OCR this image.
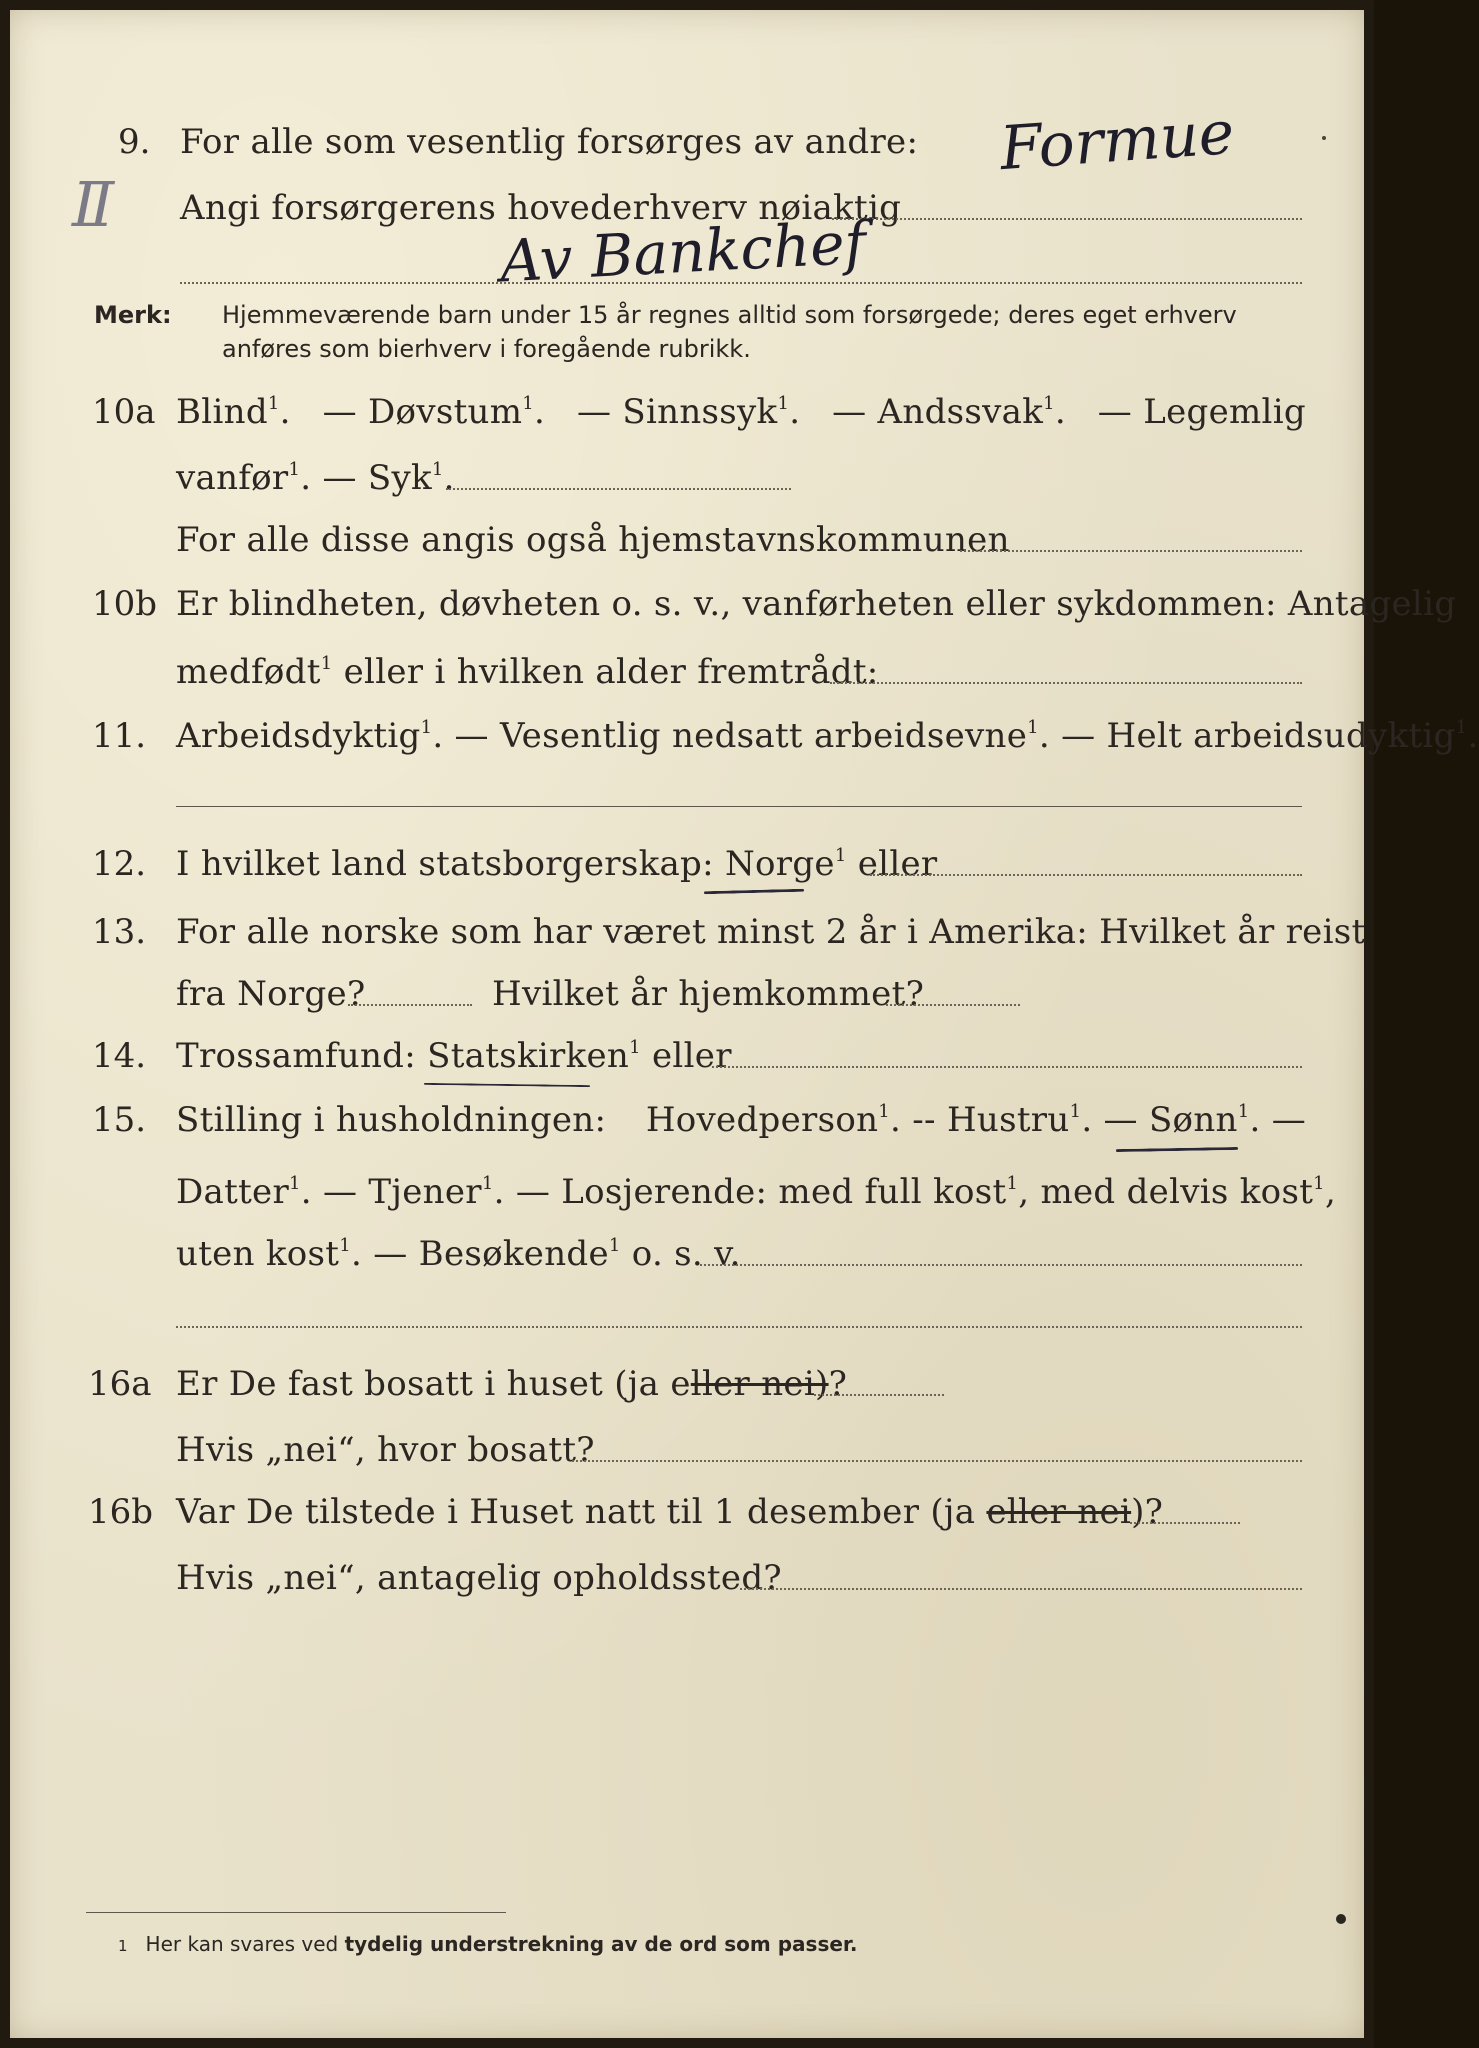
9. For alle som vesentlig forsørges av andre:
Angi forsørgerens hovederhverv nøiaktig
Formue
Av Bankchef
Ⅱ
Merk: Hjemmeværende barn under 15 år regnes alltid som forsørgede; deres eget erhverv
anføres som bierhverv i foregående rubrikk.
10a Blind$^1$. — Døvstum$^1$. — Sinnssyk$^1$. — Andssvak$^1$. — Legemlig
vanfør$^1$. — Syk$^1$.
For alle disse angis også hjemstavnskommunen
10b Er blindheten, døvheten o. s. v., vanførheten eller sykdommen: Antagelig
medfødt$^1$ eller i hvilken alder fremtrådt:
11. Arbeidsdyktig$^1$. — Vesentlig nedsatt arbeidsevne$^1$. — Helt arbeidsudyktig$^1$.
12. I hvilket land statsborgerskap: Norge$^1$ eller
13. For alle norske som har været minst 2 år i Amerika: Hvilket år reist
fra Norge?	Hvilket år hjemkommet?
14. Trossamfund: Statskirken$^1$ eller
15. Stilling i husholdningen: Hovedperson$^1$. -- Hustru$^1$. — Sønn$^1$. —
Datter$^1$. — Tjener$^1$. — Losjerende: med full kost$^1$, med delvis kost$^1$,
uten kost$^1$. — Besøkende$^1$ o. s. v.
16a Er De fast bosatt i huset (ja eller nei)?
Hvis „nei“, hvor bosatt?
16b Var De tilstede i Huset natt til 1 desember (ja eller nei)?
Hvis „nei“, antagelig opholdssted?
1 Her kan svares ved tydelig understrekning av de ord som passer.
